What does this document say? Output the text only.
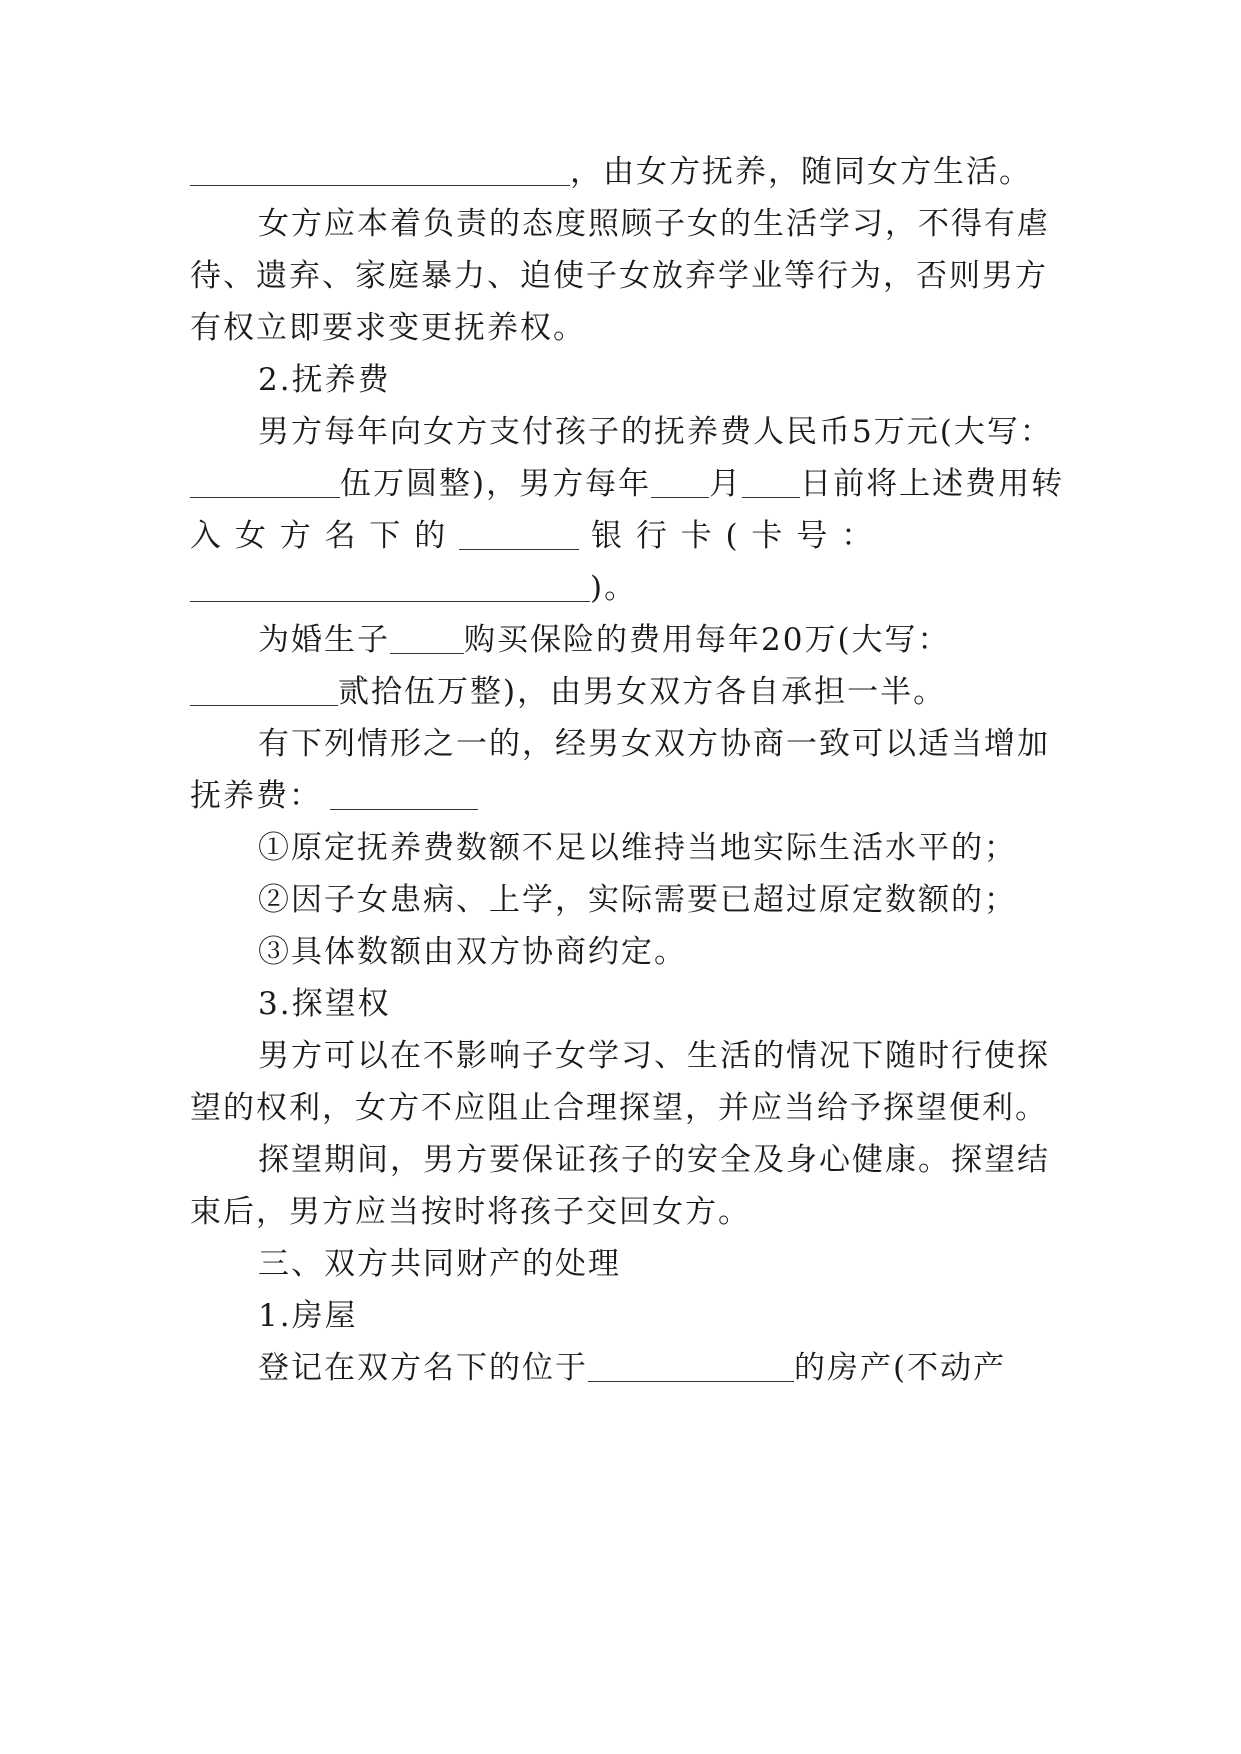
，由女方抚养，随同女方生活。
女方应本着负责的态度照顾子女的生活学习，不得有虐
待、遗弃、家庭暴力、迫使子女放弃学业等行为，否则男方
有权立即要求变更抚养权。
2.抚养费
男方每年向女方支付孩子的抚养费人民币5万元(大写：
伍万圆整)，男方每年 月 日前将上述费用转
入 女 方 名 下 的	银 行 卡 ( 卡 号 ：
)。
为婚生子 购买保险的费用每年20万(大写：
贰拾伍万整)，由男女双方各自承担一半。
有下列情形之一的，经男女双方协商一致可以适当增加
抚养费：
①原定抚养费数额不足以维持当地实际生活水平的；
②因子女患病、上学，实际需要已超过原定数额的；
③具体数额由双方协商约定。
3.探望权
男方可以在不影响子女学习、生活的情况下随时行使探
望的权利，女方不应阻止合理探望，并应当给予探望便利。
探望期间，男方要保证孩子的安全及身心健康。探望结
束后，男方应当按时将孩子交回女方。
三、双方共同财产的处理
1.房屋
登记在双方名下的位于	的房产(不动产
